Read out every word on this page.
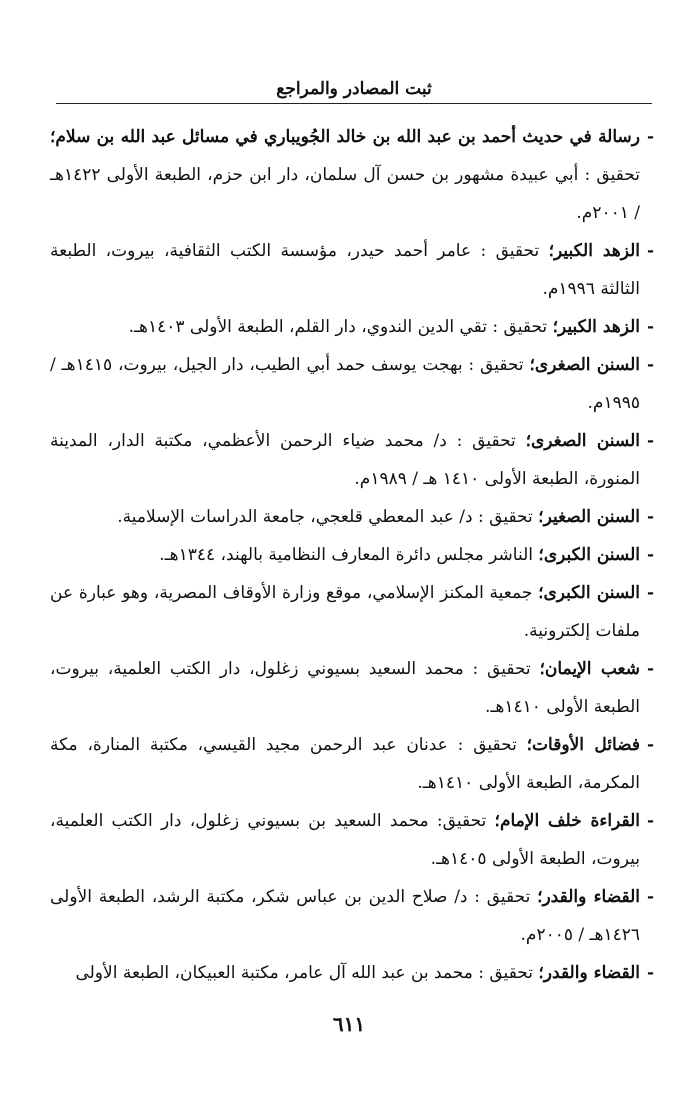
ثبت المصادر والمراجع

-
رسالة في حديث أحمد بن عبد الله بن خالد الجُويباري في مسائل عبد الله بن سلام؛ تحقيق : أبي عبيدة مشهور بن حسن آل سلمان، دار ابن حزم، الطبعة الأولى ١٤٢٢هـ / ٢٠٠١م.

-
الزهد الكبير؛ تحقيق : عامر أحمد حيدر، مؤسسة الكتب الثقافية، بيروت، الطبعة الثالثة ١٩٩٦م.

-
الزهد الكبير؛ تحقيق : تقي الدين الندوي، دار القلم، الطبعة الأولى ١٤٠٣هـ.

-
السنن الصغرى؛ تحقيق : بهجت يوسف حمد أبي الطيب، دار الجيل، بيروت، ١٤١٥هـ / ١٩٩٥م.

-
السنن الصغرى؛ تحقيق : د/ محمد ضياء الرحمن الأعظمي، مكتبة الدار، المدينة المنورة، الطبعة الأولى ١٤١٠ هـ / ١٩٨٩م.

-
السنن الصغير؛ تحقيق : د/ عبد المعطي قلعجي، جامعة الدراسات الإسلامية.

-
السنن الكبرى؛ الناشر مجلس دائرة المعارف النظامية بالهند، ١٣٤٤هـ.

-
السنن الكبرى؛ جمعية المكنز الإسلامي، موقع وزارة الأوقاف المصرية، وهو عبارة عن ملفات إلكترونية.

-
شعب الإيمان؛ تحقيق : محمد السعيد بسيوني زغلول، دار الكتب العلمية، بيروت، الطبعة الأولى ١٤١٠هـ.

-
فضائل الأوقات؛ تحقيق : عدنان عبد الرحمن مجيد القيسي، مكتبة المنارة، مكة المكرمة، الطبعة الأولى ١٤١٠هـ.

-
القراءة خلف الإمام؛ تحقيق: محمد السعيد بن بسيوني زغلول، دار الكتب العلمية، بيروت، الطبعة الأولى ١٤٠٥هـ.

-
القضاء والقدر؛ تحقيق : د/ صلاح الدين بن عباس شكر، مكتبة الرشد، الطبعة الأولى ١٤٢٦هـ / ٢٠٠٥م.

-
القضاء والقدر؛ تحقيق : محمد بن عبد الله آل عامر، مكتبة العبيكان، الطبعة الأولى

٦١١
